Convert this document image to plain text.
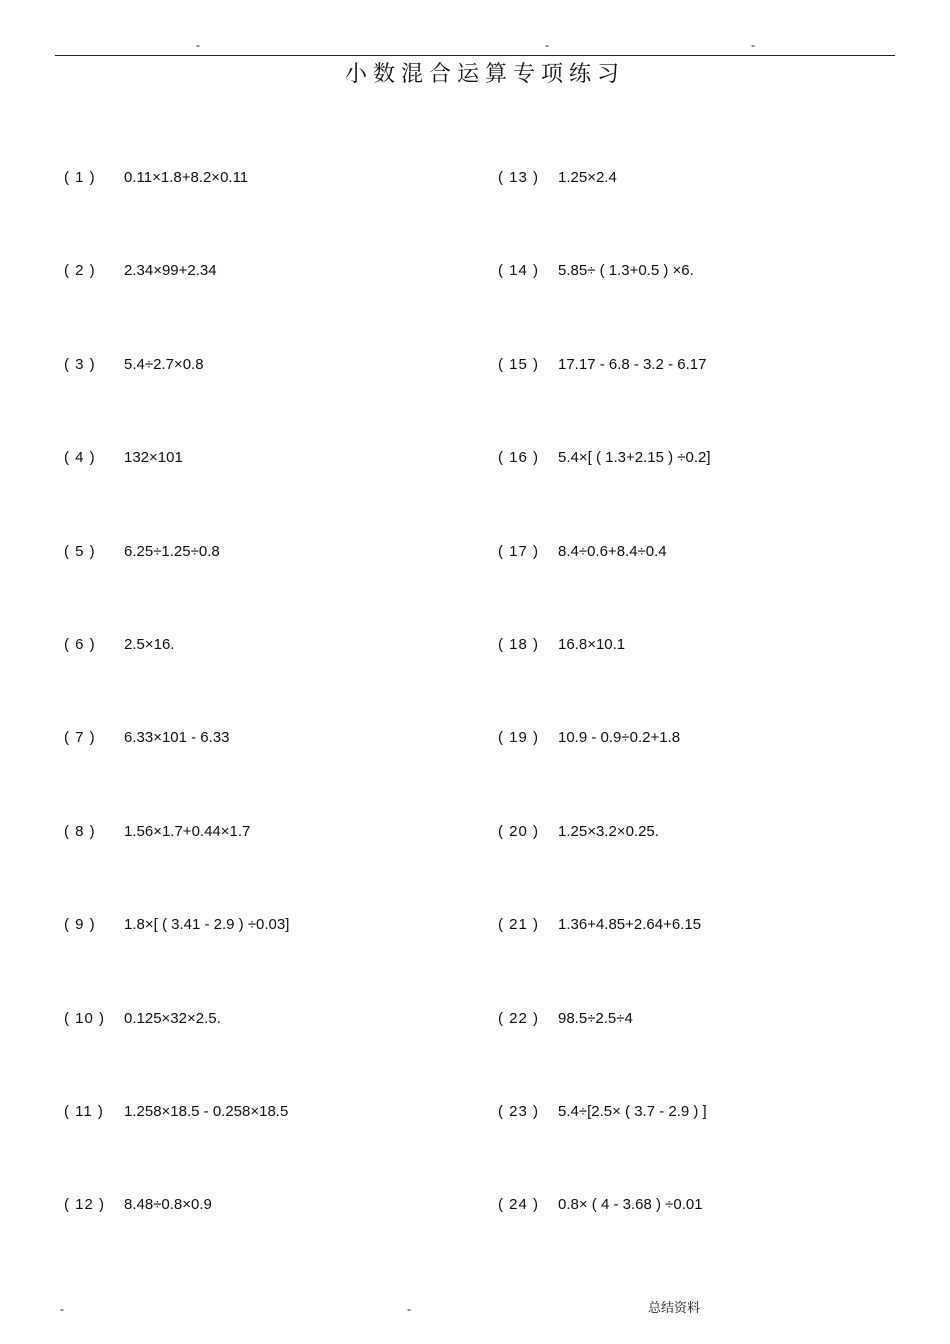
-	-	-
小数混合运算专项练习
( 1 ) 0.11×1.8+8.2×0.11
( 2 ) 2.34×99+2.34
( 3 ) 5.4÷2.7×0.8
( 4 ) 132×101
( 5 ) 6.25÷1.25÷0.8
( 6 ) 2.5×16.
( 7 ) 6.33×101 - 6.33
( 8 ) 1.56×1.7+0.44×1.7
( 9 ) 1.8×[ ( 3.41 - 2.9 ) ÷0.03]
( 10 ) 0.125×32×2.5.
( 11 ) 1.258×18.5 - 0.258×18.5
( 12 ) 8.48÷0.8×0.9
( 13 ) 1.25×2.4
( 14 ) 5.85÷ ( 1.3+0.5 ) ×6.
( 15 ) 17.17 - 6.8 - 3.2 - 6.17
( 16 ) 5.4×[ ( 1.3+2.15 ) ÷0.2]
( 17 ) 8.4÷0.6+8.4÷0.4
( 18 ) 16.8×10.1
( 19 ) 10.9 - 0.9÷0.2+1.8
( 20 ) 1.25×3.2×0.25.
( 21 ) 1.36+4.85+2.64+6.15
( 22 ) 98.5÷2.5÷4
( 23 ) 5.4÷[2.5× ( 3.7 - 2.9 ) ]
( 24 ) 0.8× ( 4 - 3.68 ) ÷0.01
-	-	总结资料
